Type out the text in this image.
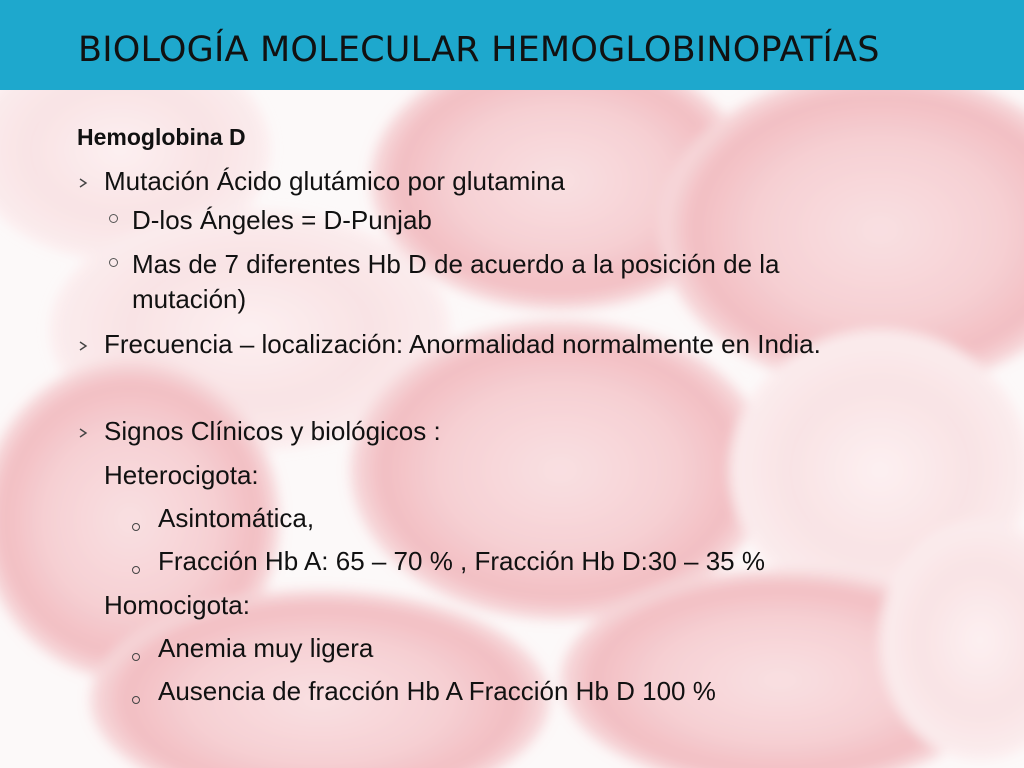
BIOLOGÍA MOLECULAR HEMOGLOBINOPATÍAS
Hemoglobina D
Mutación Ácido glutámico por glutamina
D-los Ángeles = D-Punjab
Mas de 7 diferentes Hb D de acuerdo a la posición de la
mutación)
Frecuencia – localización: Anormalidad normalmente en India.
Signos Clínicos y biológicos :
Heterocigota:
Asintomática,
Fracción Hb A: 65 – 70 % , Fracción Hb D:30 – 35 %
Homocigota:
Anemia muy ligera
Ausencia de fracción Hb A Fracción Hb D 100 %
